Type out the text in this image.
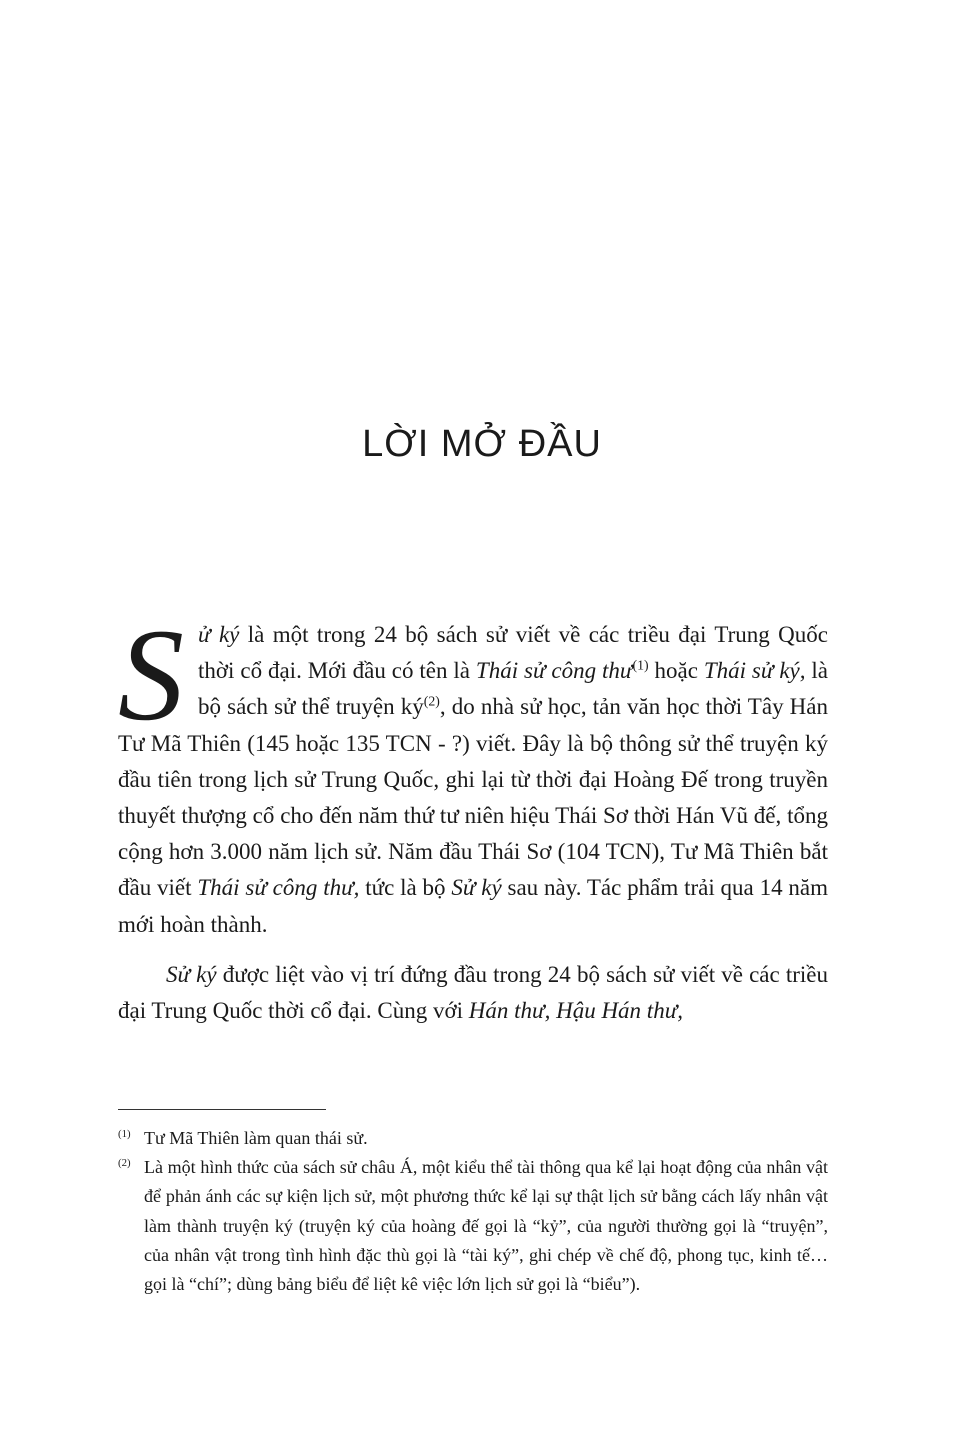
LỜI MỞ ĐẦU

Sử ký là một trong 24 bộ sách sử viết về các triều đại Trung Quốc thời cổ đại. Mới đầu có tên là Thái sử công thư$^{(1)}$ hoặc Thái sử ký, là bộ sách sử thể truyện $ký^{(2)}$, do nhà sử học, tản văn học thời Tây Hán Tư Mã Thiên (145 hoặc 135 TCN - ?) viết. Đây là bộ thông sử thể truyện ký đầu tiên trong lịch sử Trung Quốc, ghi lại từ thời đại Hoàng Đế trong truyền thuyết thượng cổ cho đến năm thứ tư niên hiệu Thái Sơ thời Hán Vũ đế, tổng cộng hơn 3.000 năm lịch sử. Năm đầu Thái Sơ (104 TCN), Tư Mã Thiên bắt đầu viết Thái sử công thư, tức là bộ Sử ký sau này. Tác phẩm trải qua 14 năm mới hoàn thành.

Sử ký được liệt vào vị trí đứng đầu trong 24 bộ sách sử viết về các triều đại Trung Quốc thời cổ đại. Cùng với Hán thư, Hậu Hán thư,

$^{(1)}$ Tư Mã Thiên làm quan thái sử.
$^{(2)}$ Là một hình thức của sách sử châu Á, một kiểu thể tài thông qua kể lại hoạt động của nhân vật để phản ánh các sự kiện lịch sử, một phương thức kể lại sự thật lịch sử bằng cách lấy nhân vật làm thành truyện ký (truyện ký của hoàng đế gọi là “kỷ”, của người thường gọi là “truyện”, của nhân vật trong tình hình đặc thù gọi là “tài ký”, ghi chép về chế độ, phong tục, kinh tế…gọi là “chí”; dùng bảng biểu để liệt kê việc lớn lịch sử gọi là “biểu”).
